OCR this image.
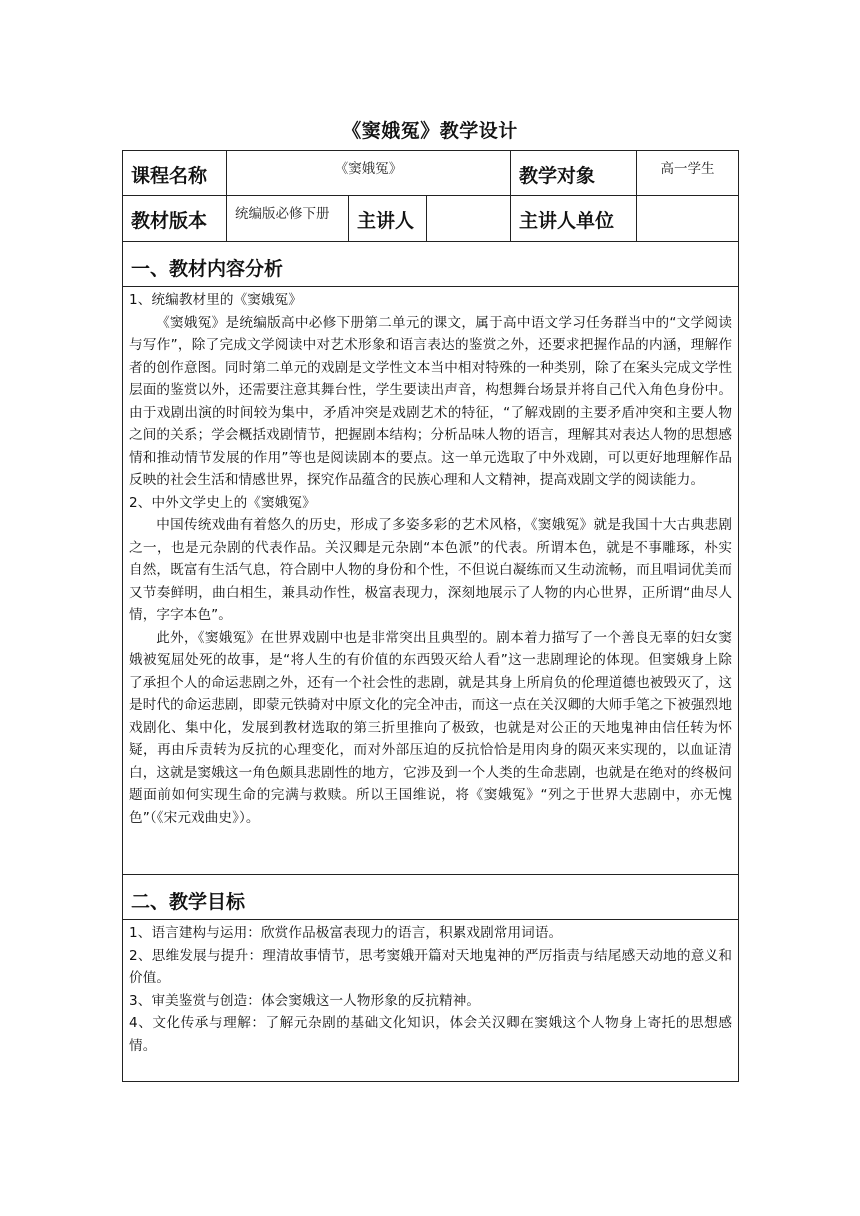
《窦娥冤》教学设计
课程名称	《窦娥冤》			教学对象	高一学生
教材版本	统编版必修下册	主讲人		主讲人单位	
一、教材内容分析					

1、统编教材里的《窦娥冤》

《窦娥冤》是统编版高中必修下册第二单元的课文，属于高中语文学习任务群当中的“文学阅读与写作”，除了完成文学阅读中对艺术形象和语言表达的鉴赏之外，还要求把握作品的内涵，理解作者的创作意图。同时第二单元的戏剧是文学性文本当中相对特殊的一种类别，除了在案头完成文学性层面的鉴赏以外，还需要注意其舞台性，学生要读出声音，构想舞台场景并将自己代入角色身份中。由于戏剧出演的时间较为集中，矛盾冲突是戏剧艺术的特征，“了解戏剧的主要矛盾冲突和主要人物之间的关系；学会概括戏剧情节，把握剧本结构；分析品味人物的语言，理解其对表达人物的思想感情和推动情节发展的作用”等也是阅读剧本的要点。这一单元选取了中外戏剧，可以更好地理解作品反映的社会生活和情感世界，探究作品蕴含的民族心理和人文精神，提高戏剧文学的阅读能力。

2、中外文学史上的《窦娥冤》

中国传统戏曲有着悠久的历史，形成了多姿多彩的艺术风格，《窦娥冤》就是我国十大古典悲剧之一，也是元杂剧的代表作品。关汉卿是元杂剧“本色派”的代表。所谓本色，就是不事雕琢，朴实自然，既富有生活气息，符合剧中人物的身份和个性，不但说白凝练而又生动流畅，而且唱词优美而又节奏鲜明，曲白相生，兼具动作性，极富表现力，深刻地展示了人物的内心世界，正所谓“曲尽人情，字字本色”。

此外，《窦娥冤》在世界戏剧中也是非常突出且典型的。剧本着力描写了一个善良无辜的妇女窦娥被冤屈处死的故事，是“将人生的有价值的东西毁灭给人看”这一悲剧理论的体现。但窦娥身上除了承担个人的命运悲剧之外，还有一个社会性的悲剧，就是其身上所肩负的伦理道德也被毁灭了，这是时代的命运悲剧，即蒙元铁骑对中原文化的完全冲击，而这一点在关汉卿的大师手笔之下被强烈地戏剧化、集中化，发展到教材选取的第三折里推向了极致，也就是对公正的天地鬼神由信任转为怀疑，再由斥责转为反抗的心理变化，而对外部压迫的反抗恰恰是用肉身的陨灭来实现的，以血证清白，这就是窦娥这一角色颇具悲剧性的地方，它涉及到一个人类的生命悲剧，也就是在绝对的终极问题面前如何实现生命的完满与救赎。所以王国维说，将《窦娥冤》“列之于世界大悲剧中，亦无愧色”（《宋元戏曲史》）。					

二、教学目标					

1、语言建构与运用：欣赏作品极富表现力的语言，积累戏剧常用词语。

2、思维发展与提升：理清故事情节，思考窦娥开篇对天地鬼神的严厉指责与结尾感天动地的意义和价值。

3、审美鉴赏与创造：体会窦娥这一人物形象的反抗精神。

4、文化传承与理解：了解元杂剧的基础文化知识，体会关汉卿在窦娥这个人物身上寄托的思想感情。					
